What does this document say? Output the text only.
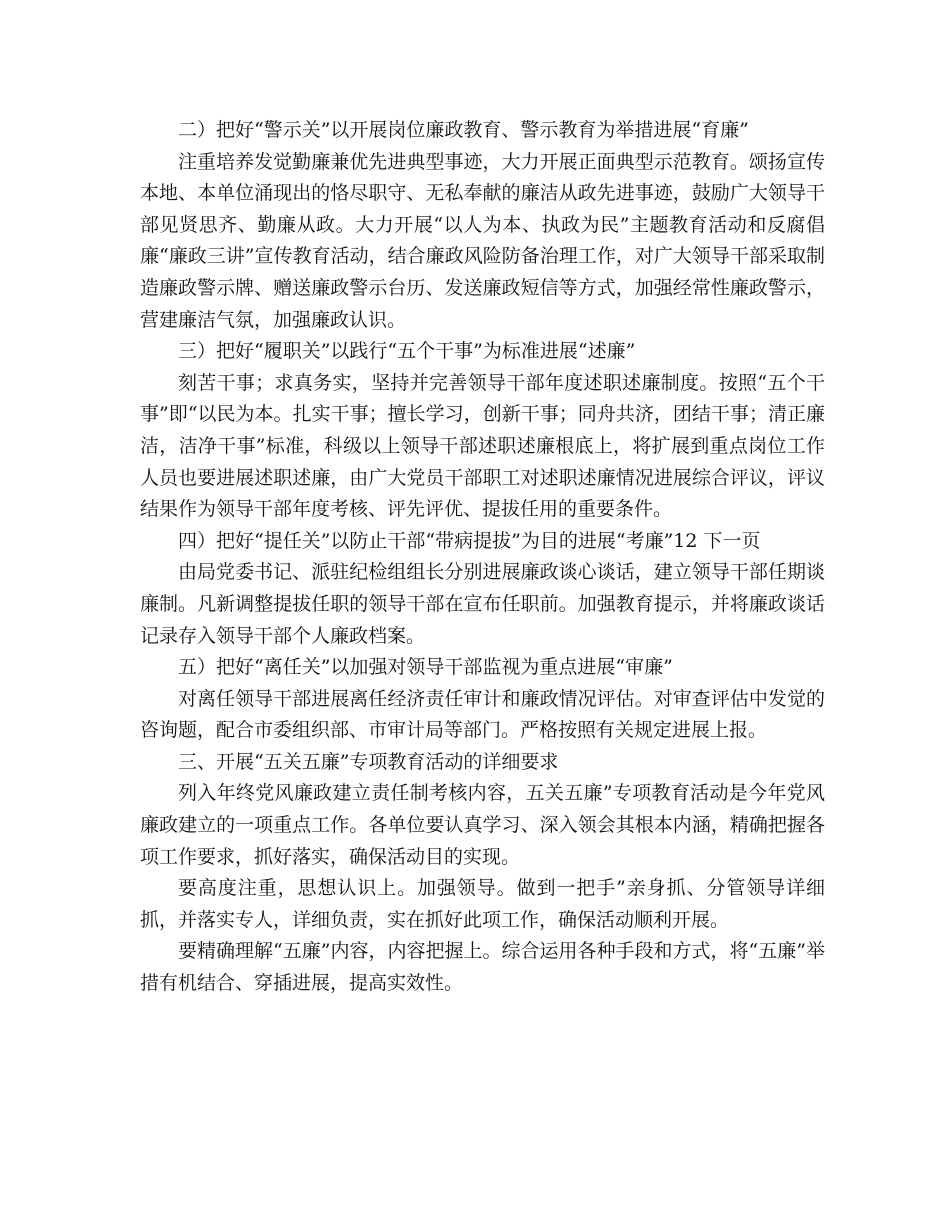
二）把好“警示关”以开展岗位廉政教育、警示教育为举措进展“育廉”

注重培养发觉勤廉兼优先进典型事迹，大力开展正面典型示范教育。颂扬宣传本地、本单位涌现出的恪尽职守、无私奉献的廉洁从政先进事迹，鼓励广大领导干部见贤思齐、勤廉从政。大力开展“以人为本、执政为民”主题教育活动和反腐倡廉“廉政三讲”宣传教育活动，结合廉政风险防备治理工作，对广大领导干部采取制造廉政警示牌、赠送廉政警示台历、发送廉政短信等方式，加强经常性廉政警示，营建廉洁气氛，加强廉政认识。

三）把好“履职关”以践行“五个干事”为标准进展“述廉”

刻苦干事；求真务实，坚持并完善领导干部年度述职述廉制度。按照“五个干事”即“以民为本。扎实干事；擅长学习，创新干事；同舟共济，团结干事；清正廉洁，洁净干事”标准，科级以上领导干部述职述廉根底上，将扩展到重点岗位工作人员也要进展述职述廉，由广大党员干部职工对述职述廉情况进展综合评议，评议结果作为领导干部年度考核、评先评优、提拔任用的重要条件。

四）把好“提任关”以防止干部“带病提拔”为目的进展“考廉”12 下一页

由局党委书记、派驻纪检组组长分别进展廉政谈心谈话，建立领导干部任期谈廉制。凡新调整提拔任职的领导干部在宣布任职前。加强教育提示，并将廉政谈话记录存入领导干部个人廉政档案。

五）把好“离任关”以加强对领导干部监视为重点进展“审廉”

对离任领导干部进展离任经济责任审计和廉政情况评估。对审查评估中发觉的咨询题，配合市委组织部、市审计局等部门。严格按照有关规定进展上报。

三、开展“五关五廉”专项教育活动的详细要求

列入年终党风廉政建立责任制考核内容，五关五廉”专项教育活动是今年党风廉政建立的一项重点工作。各单位要认真学习、深入领会其根本内涵，精确把握各项工作要求，抓好落实，确保活动目的实现。

要高度注重，思想认识上。加强领导。做到一把手”亲身抓、分管领导详细抓，并落实专人，详细负责，实在抓好此项工作，确保活动顺利开展。

要精确理解“五廉”内容，内容把握上。综合运用各种手段和方式，将“五廉”举措有机结合、穿插进展，提高实效性。
